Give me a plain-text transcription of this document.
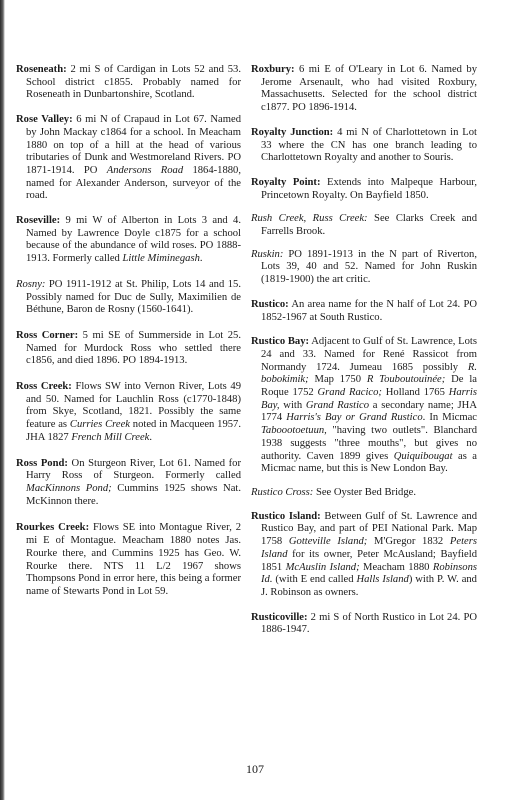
Roseneath: 2 mi S of Cardigan in Lots 52 and 53. School district c1855. Probably named for Roseneath in Dunbartonshire, Scotland.

Rose Valley: 6 mi N of Crapaud in Lot 67. Named by John Mackay c1864 for a school. In Meacham 1880 on top of a hill at the head of various tributaries of Dunk and Westmoreland Rivers. PO 1871-1914. PO Andersons Road 1864-1880, named for Alexander Anderson, surveyor of the road.

Roseville: 9 mi W of Alberton in Lots 3 and 4. Named by Lawrence Doyle c1875 for a school because of the abundance of wild roses. PO 1888-1913. Formerly called Little Miminegash.

Rosny: PO 1911-1912 at St. Philip, Lots 14 and 15. Possibly named for Duc de Sully, Maximilien de Béthune, Baron de Rosny (1560-1641).

Ross Corner: 5 mi SE of Summerside in Lot 25. Named for Murdock Ross who settled there c1856, and died 1896. PO 1894-1913.

Ross Creek: Flows SW into Vernon River, Lots 49 and 50. Named for Lauchlin Ross (c1770-1848) from Skye, Scotland, 1821. Possibly the same feature as Curries Creek noted in Macqueen 1957. JHA 1827 French Mill Creek.

Ross Pond: On Sturgeon River, Lot 61. Named for Harry Ross of Sturgeon. Formerly called MacKinnons Pond; Cummins 1925 shows Nat. McKinnon there.

Rourkes Creek: Flows SE into Montague River, 2 mi E of Montague. Meacham 1880 notes Jas. Rourke there, and Cummins 1925 has Geo. W. Rourke there. NTS 11 L/2 1967 shows Thompsons Pond in error here, this being a former name of Stewarts Pond in Lot 59.

Roxbury: 6 mi E of O'Leary in Lot 6. Named by Jerome Arsenault, who had visited Roxbury, Massachusetts. Selected for the school district c1877. PO 1896-1914.

Royalty Junction: 4 mi N of Charlottetown in Lot 33 where the CN has one branch leading to Charlottetown Royalty and another to Souris.

Royalty Point: Extends into Malpeque Harbour, Princetown Royalty. On Bayfield 1850.

Rush Creek, Russ Creek: See Clarks Creek and Farrells Brook.

Ruskin: PO 1891-1913 in the N part of Riverton, Lots 39, 40 and 52. Named for John Ruskin (1819-1900) the art critic.

Rustico: An area name for the N half of Lot 24. PO 1852-1967 at South Rustico.

Rustico Bay: Adjacent to Gulf of St. Lawrence, Lots 24 and 33. Named for René Rassicot from Normandy 1724. Jumeau 1685 possibly R. bobokimik; Map 1750 R Touboutouinée; De la Roque 1752 Grand Racico; Holland 1765 Harris Bay, with Grand Rastico a secondary name; JHA 1774 Harris's Bay or Grand Rustico. In Micmac Taboootoetuun, "having two outlets". Blanchard 1938 suggests "three mouths", but gives no authority. Caven 1899 gives Quiquibougat as a Micmac name, but this is New London Bay.

Rustico Cross: See Oyster Bed Bridge.

Rustico Island: Between Gulf of St. Lawrence and Rustico Bay, and part of PEI National Park. Map 1758 Gotteville Island; M'Gregor 1832 Peters Island for its owner, Peter McAusland; Bayfield 1851 McAuslin Island; Meacham 1880 Robinsons Id. (with E end called Halls Island) with P. W. and J. Robinson as owners.

Rusticoville: 2 mi S of North Rustico in Lot 24. PO 1886-1947.

107
